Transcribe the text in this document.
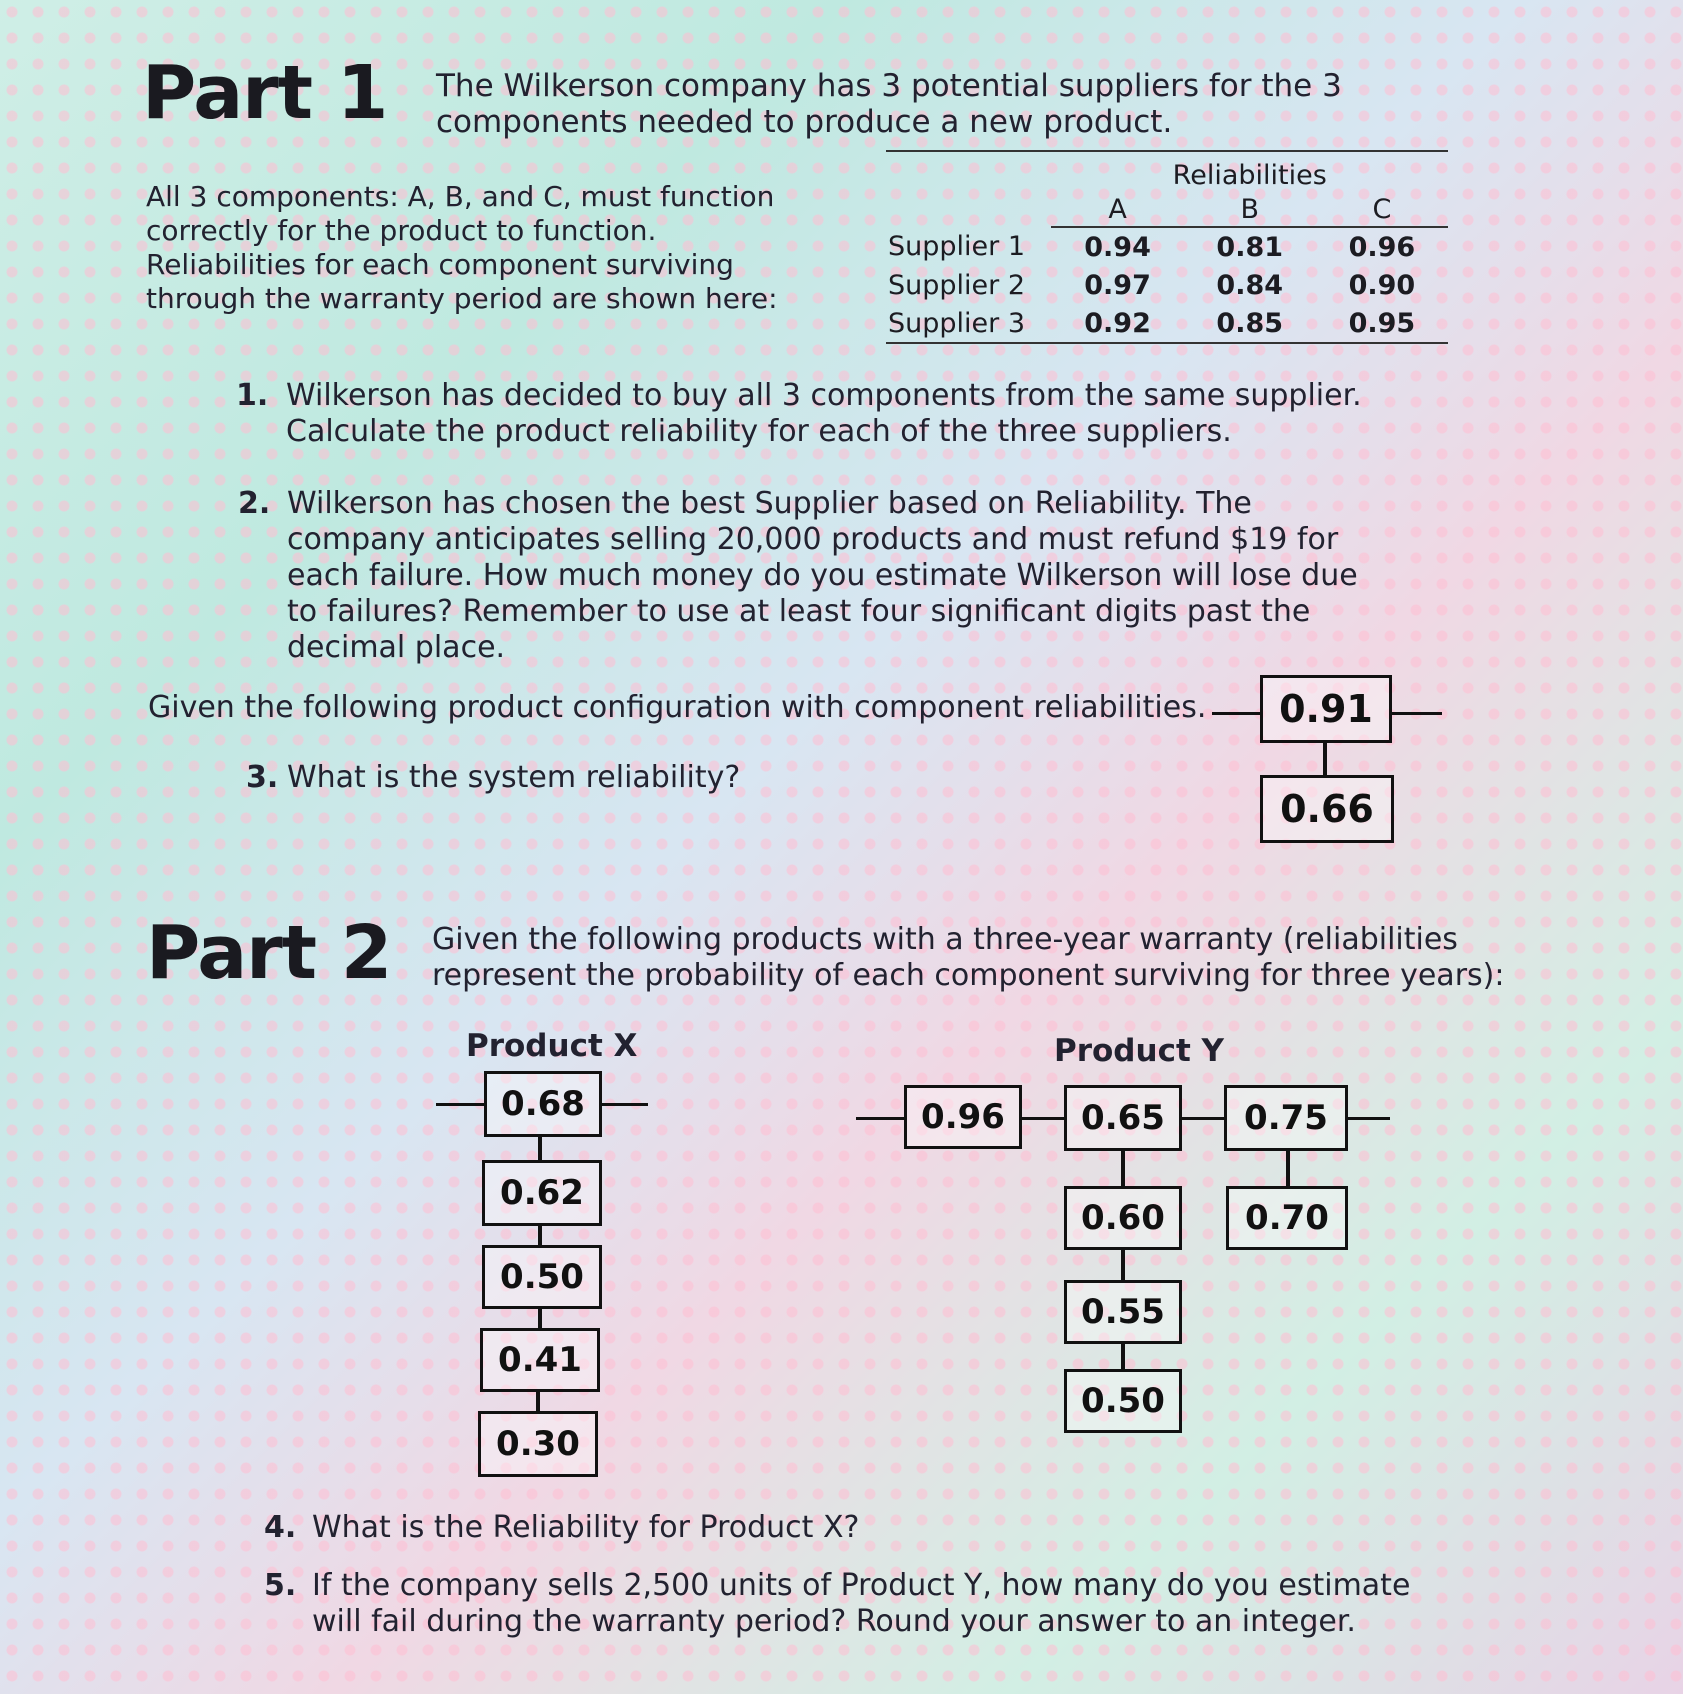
Part 1 The Wilkerson company has 3 potential suppliers for the 3 components needed to produce a new product.
All 3 components: A, B, and C, must function correctly for the product to function. Reliabilities for each component surviving through the warranty period are shown here:
	Reliabilities		
	A	B	C
Supplier 1	0.94	0.81	0.96
Supplier 2	0.97	0.84	0.90
Supplier 3	0.92	0.85	0.95
1. Wilkerson has decided to buy all 3 components from the same supplier. Calculate the product reliability for each of the three suppliers.
2. Wilkerson has chosen the best Supplier based on Reliability. The company anticipates selling 20,000 products and must refund $19 for each failure. How much money do you estimate Wilkerson will lose due to failures? Remember to use at least four significant digits past the decimal place.
Given the following product configuration with component reliabilities.
3. What is the system reliability?
0.91
0.66
Part 2 Given the following products with a three-year warranty (reliabilities represent the probability of each component surviving for three years):
Product X
0.68
0.62
0.50
0.41
0.30
Product Y
0.96	0.65	0.75
0.60	0.70
0.55
0.50
4. What is the Reliability for Product X?
5. If the company sells 2,500 units of Product Y, how many do you estimate will fail during the warranty period? Round your answer to an integer.
